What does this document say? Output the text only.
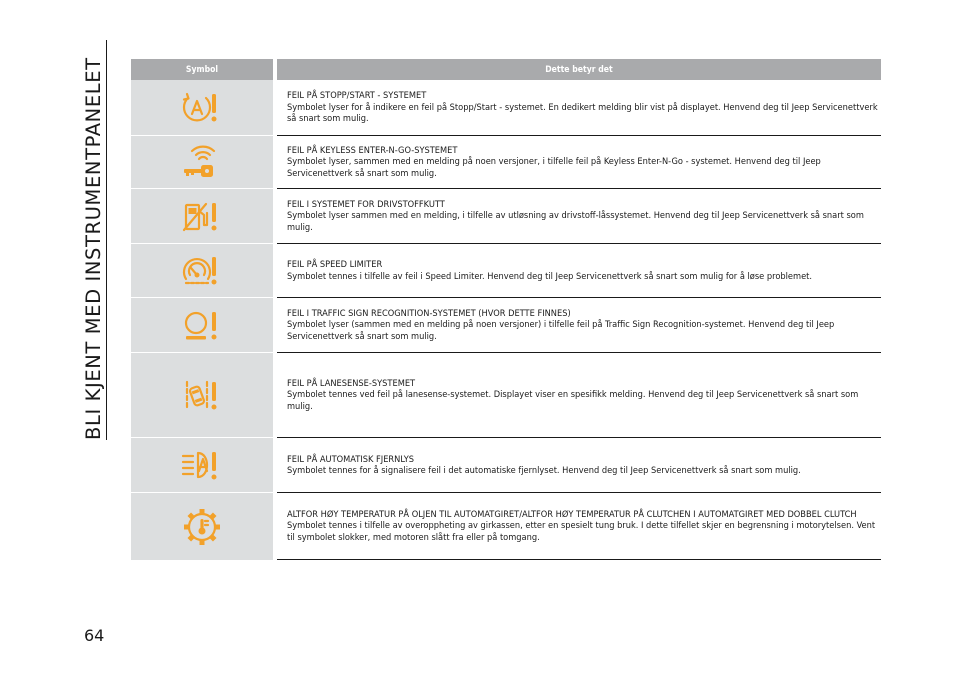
BLI KJENT MED INSTRUMENTPANELET
64
Symbol	Dette betyr det
FEIL PÅ STOPP/START - SYSTEMET
Symbolet lyser for å indikere en feil på Stopp/Start - systemet. En dedikert melding blir vist på displayet. Henvend deg til Jeep Servicenettverk så snart som mulig.
FEIL PÅ KEYLESS ENTER-N-GO-SYSTEMET
Symbolet lyser, sammen med en melding på noen versjoner, i tilfelle feil på Keyless Enter-N-Go - systemet. Henvend deg til Jeep Servicenettverk så snart som mulig.
FEIL I SYSTEMET FOR DRIVSTOFFKUTT
Symbolet lyser sammen med en melding, i tilfelle av utløsning av drivstoff-låssystemet. Henvend deg til Jeep Servicenettverk så snart som mulig.
FEIL PÅ SPEED LIMITER
Symbolet tennes i tilfelle av feil i Speed Limiter. Henvend deg til Jeep Servicenettverk så snart som mulig for å løse problemet.
FEIL I TRAFFIC SIGN RECOGNITION-SYSTEMET (HVOR DETTE FINNES)
Symbolet lyser (sammen med en melding på noen versjoner) i tilfelle feil på Traffic Sign Recognition-systemet. Henvend deg til Jeep Servicenettverk så snart som mulig.
FEIL PÅ LANESENSE-SYSTEMET
Symbolet tennes ved feil på lanesense-systemet. Displayet viser en spesifikk melding. Henvend deg til Jeep Servicenettverk så snart som mulig.
FEIL PÅ AUTOMATISK FJERNLYS
Symbolet tennes for å signalisere feil i det automatiske fjernlyset. Henvend deg til Jeep Servicenettverk så snart som mulig.
ALTFOR HØY TEMPERATUR PÅ OLJEN TIL AUTOMATGIRET/ALTFOR HØY TEMPERATUR PÅ CLUTCHEN I AUTOMATGIRET MED DOBBEL CLUTCH
Symbolet tennes i tilfelle av overoppheting av girkassen, etter en spesielt tung bruk. I dette tilfellet skjer en begrensning i motorytelsen. Vent til symbolet slokker, med motoren slått fra eller på tomgang.
